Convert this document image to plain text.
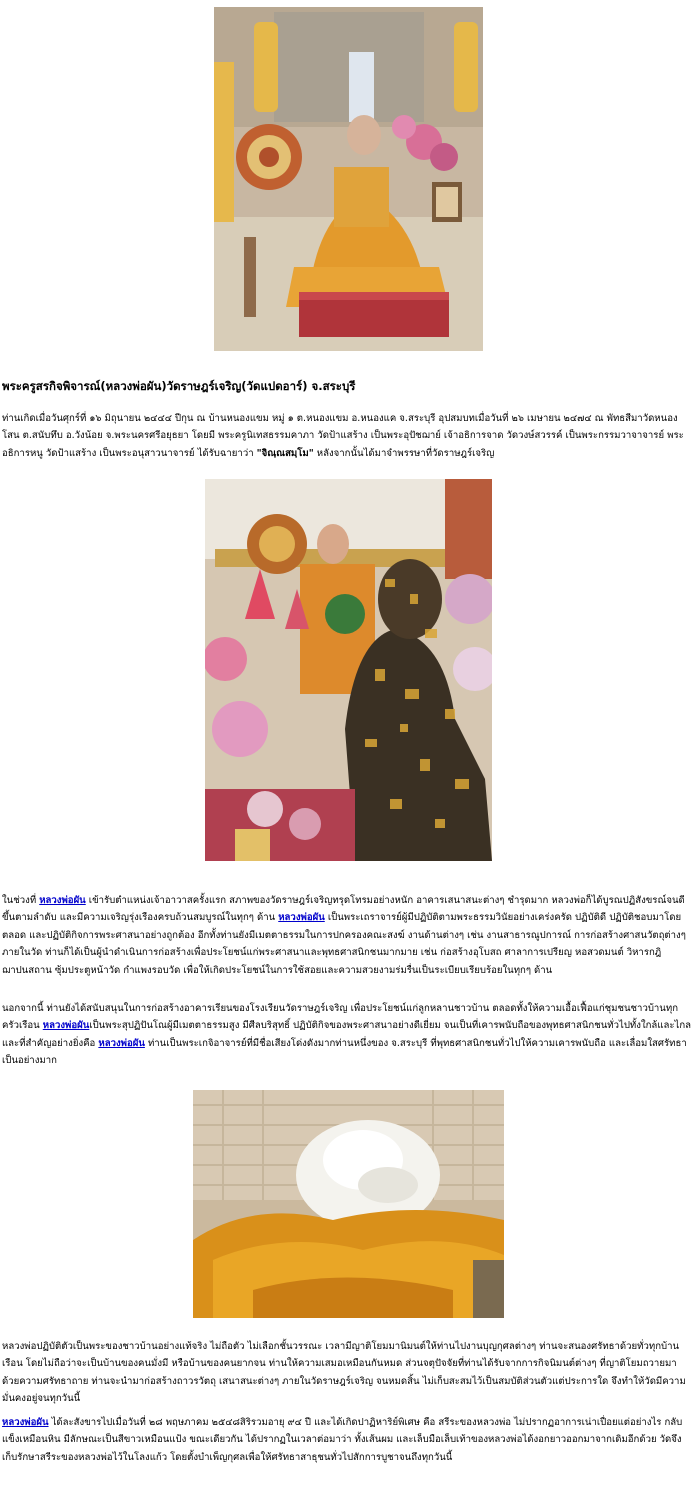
พระครูสรกิจพิจารณ์(หลวงพ่อผัน)วัดราษฎร์เจริญ(วัดแปดอาร์) จ.สระบุรี

ท่านเกิดเมื่อวันศุกร์ที่ ๑๖ มิถุนายน ๒๔๔๔ ปีกุน ณ บ้านหนองแขม หมู่ ๑ ต.หนองแขม อ.หนองแค จ.สระบุรี อุปสมบทเมื่อวันที่ ๒๖ เมษายน ๒๔๗๔ ณ พัทธสีมาวัดหนองโสน ต.สนับทึบ อ.วังน้อย จ.พระนครศรีอยุธยา โดยมี พระครูนิเทสธรรมคาภา วัดป้าแสร้าง เป็นพระอุปัชฌาย์ เจ้าอธิการจาด วัดวงษ์สวรรค์ เป็นพระกรรมวาจาจารย์ พระอธิการหนู วัดป้าแสร้าง เป็นพระอนุสาวนาจารย์ ได้รับฉายาว่า "จิณฺณสมฺโม" หลังจากนั้นได้มาจำพรรษาที่วัดราษฎร์เจริญ

ในช่วงที่ หลวงพ่อผัน เข้ารับตำแหน่งเจ้าอาวาสครั้งแรก สภาพของวัดราษฎร์เจริญทรุดโทรมอย่างหนัก อาคารเสนาสนะต่างๆ ชำรุดมาก หลวงพ่อก็ได้บูรณปฏิสังขรณ์จนดีขึ้นตามลำดับ และมีความเจริญรุ่งเรืองครบถ้วนสมบูรณ์ในทุกๆ ด้าน หลวงพ่อผัน เป็นพระเถราจารย์ผู้มีปฏิบัติตามพระธรรมวินัยอย่างเคร่งครัด ปฏิบัติดี ปฏิบัติชอบมาโดยตลอด และปฏิบัติกิจการพระศาสนาอย่างถูกต้อง อีกทั้งท่านยังมีเมตตาธรรมในการปกครองคณะสงฆ์ งานด้านต่างๆ เช่น งานสาธารณูปการณ์ การก่อสร้างศาสนวัตถุต่างๆ ภายในวัด ท่านก็ได้เป็นผู้นำดำเนินการก่อสร้างเพื่อประโยชน์แก่พระศาสนาและพุทธศาสนิกชนมากมาย เช่น ก่อสร้างอุโบสถ ศาลาการเปรียญ หอสวดมนต์ วิหารกฎิ ฌาปนสถาน ซุ้มประตูหน้าวัด กำแพงรอบวัด เพื่อให้เกิดประโยชน์ในการใช้สอยและความสวยงามร่มรื่นเป็นระเบียบเรียบร้อยในทุกๆ ด้าน

นอกจากนี้ ท่านยังได้สนับสนุนในการก่อสร้างอาคารเรียนของโรงเรียนวัดราษฎร์เจริญ เพื่อประโยชน์แก่ลูกหลานชาวบ้าน ตลอดทั้งให้ความเอื้อเฟื้อแก่ชุมชนชาวบ้านทุกครัวเรือน หลวงพ่อผันเป็นพระสุปฏิปันโณผู้มีเมตตาธรรมสูง มีศีลบริสุทธิ์ ปฏิบัติกิจของพระศาสนาอย่างดีเยี่ยม จนเป็นที่เคารพนับถือของพุทธศาสนิกชนทั่วไปทั้งใกล้และไกล และที่สำคัญอย่างยิ่งคือ หลวงพ่อผัน ท่านเป็นพระเกจิอาจารย์ที่มีชื่อเสียงโด่งดังมากท่านหนึ่งของ จ.สระบุรี ที่พุทธศาสนิกชนทั่วไปให้ความเคารพนับถือ และเลื่อมใสศรัทธาเป็นอย่างมาก

หลวงพ่อปฏิบัติตัวเป็นพระของชาวบ้านอย่างแท้จริง ไม่ถือตัว ไม่เลือกชั้นวรรณะ เวลามีญาติโยมมานิมนต์ให้ท่านไปงานบุญกุศลต่างๆ ท่านจะสนองศรัทธาด้วยทั่วทุกบ้านเรือน โดยไม่ถือว่าจะเป็นบ้านของคนมั่งมี หรือบ้านของคนยากจน ท่านให้ความเสมอเหมือนกันหมด ส่วนจตุปัจจัยที่ท่านได้รับจากการกิจนิมนต์ต่างๆ ที่ญาติโยมถวายมาด้วยความศรัทธาถาย ท่านจะนำมาก่อสร้างถาวรวัตถุ เสนาสนะต่างๆ ภายในวัดราษฎร์เจริญ จนหมดสิ้น ไม่เก็บสะสมไว้เป็นสมบัติส่วนตัวแต่ประการใด จึงทำให้วัดมีความมั่นคงอยู่จนทุกวันนี้

หลวงพ่อผัน ได้ละสังขารไปเมื่อวันที่ ๒๘ พฤษภาคม ๒๕๔๘สิริรวมอายุ ๙๔ ปี และได้เกิดปาฏิหาริย์พิเศษ คือ สรีระของหลวงพ่อ ไม่ปรากฏอาการเน่าเปื่อยแต่อย่างไร กลับแข็งเหมือนหิน มีลักษณะเป็นสีขาวเหมือนแป้ง ขณะเดียวกัน ได้ปรากฏในเวลาต่อมาว่า ทั้งเส้นผม และเล็บมือเล็บเท้าของหลวงพ่อได้งอกยาวออกมาจากเดิมอีกด้วย วัดจึงเก็บรักษาสรีระของหลวงพ่อไว้ในโลงแก้ว โดยตั้งบำเพ็ญกุศลเพื่อให้ศรัทธาสาธุชนทั่วไปสักการบูชาจนถึงทุกวันนี้
